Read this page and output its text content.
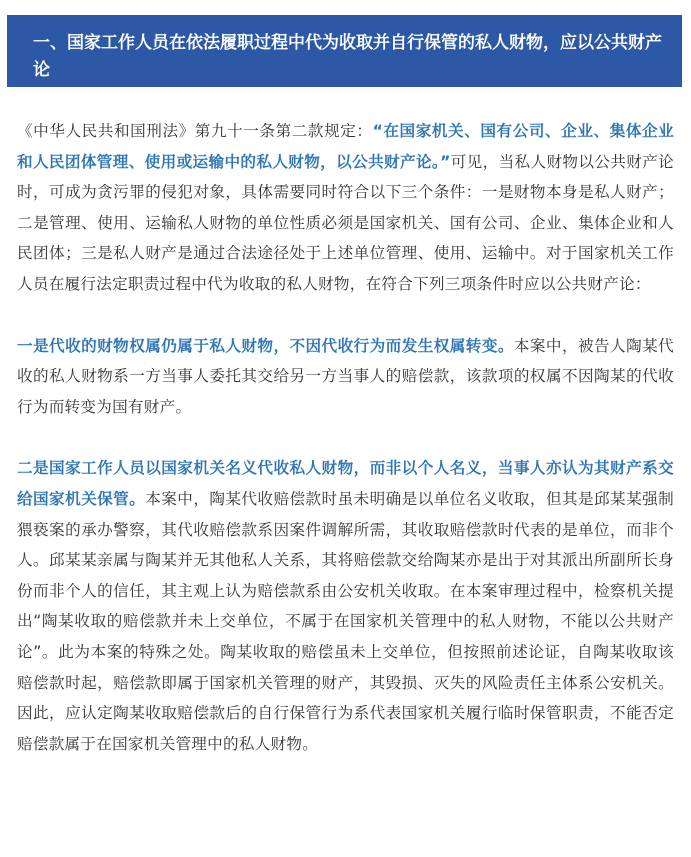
一、国家工作人员在依法履职过程中代为收取并自行保管的私人财物，应以公共财产论

《中华人民共和国刑法》第九十一条第二款规定：“在国家机关、国有公司、企业、集体企业和人民团体管理、使用或运输中的私人财物，以公共财产论。”可见，当私人财物以公共财产论时，可成为贪污罪的侵犯对象，具体需要同时符合以下三个条件：一是财物本身是私人财产；二是管理、使用、运输私人财物的单位性质必须是国家机关、国有公司、企业、集体企业和人民团体；三是私人财产是通过合法途径处于上述单位管理、使用、运输中。对于国家机关工作人员在履行法定职责过程中代为收取的私人财物，在符合下列三项条件时应以公共财产论：

一是代收的财物权属仍属于私人财物，不因代收行为而发生权属转变。本案中，被告人陶某代收的私人财物系一方当事人委托其交给另一方当事人的赔偿款，该款项的权属不因陶某的代收行为而转变为国有财产。

二是国家工作人员以国家机关名义代收私人财物，而非以个人名义，当事人亦认为其财产系交给国家机关保管。本案中，陶某代收赔偿款时虽未明确是以单位名义收取，但其是邱某某强制猥亵案的承办警察，其代收赔偿款系因案件调解所需，其收取赔偿款时代表的是单位，而非个人。邱某某亲属与陶某并无其他私人关系，其将赔偿款交给陶某亦是出于对其派出所副所长身份而非个人的信任，其主观上认为赔偿款系由公安机关收取。在本案审理过程中，检察机关提出“陶某收取的赔偿款并未上交单位，不属于在国家机关管理中的私人财物，不能以公共财产论”。此为本案的特殊之处。陶某收取的赔偿虽未上交单位，但按照前述论证，自陶某收取该赔偿款时起，赔偿款即属于国家机关管理的财产，其毁损、灭失的风险责任主体系公安机关。因此，应认定陶某收取赔偿款后的自行保管行为系代表国家机关履行临时保管职责，不能否定赔偿款属于在国家机关管理中的私人财物。
